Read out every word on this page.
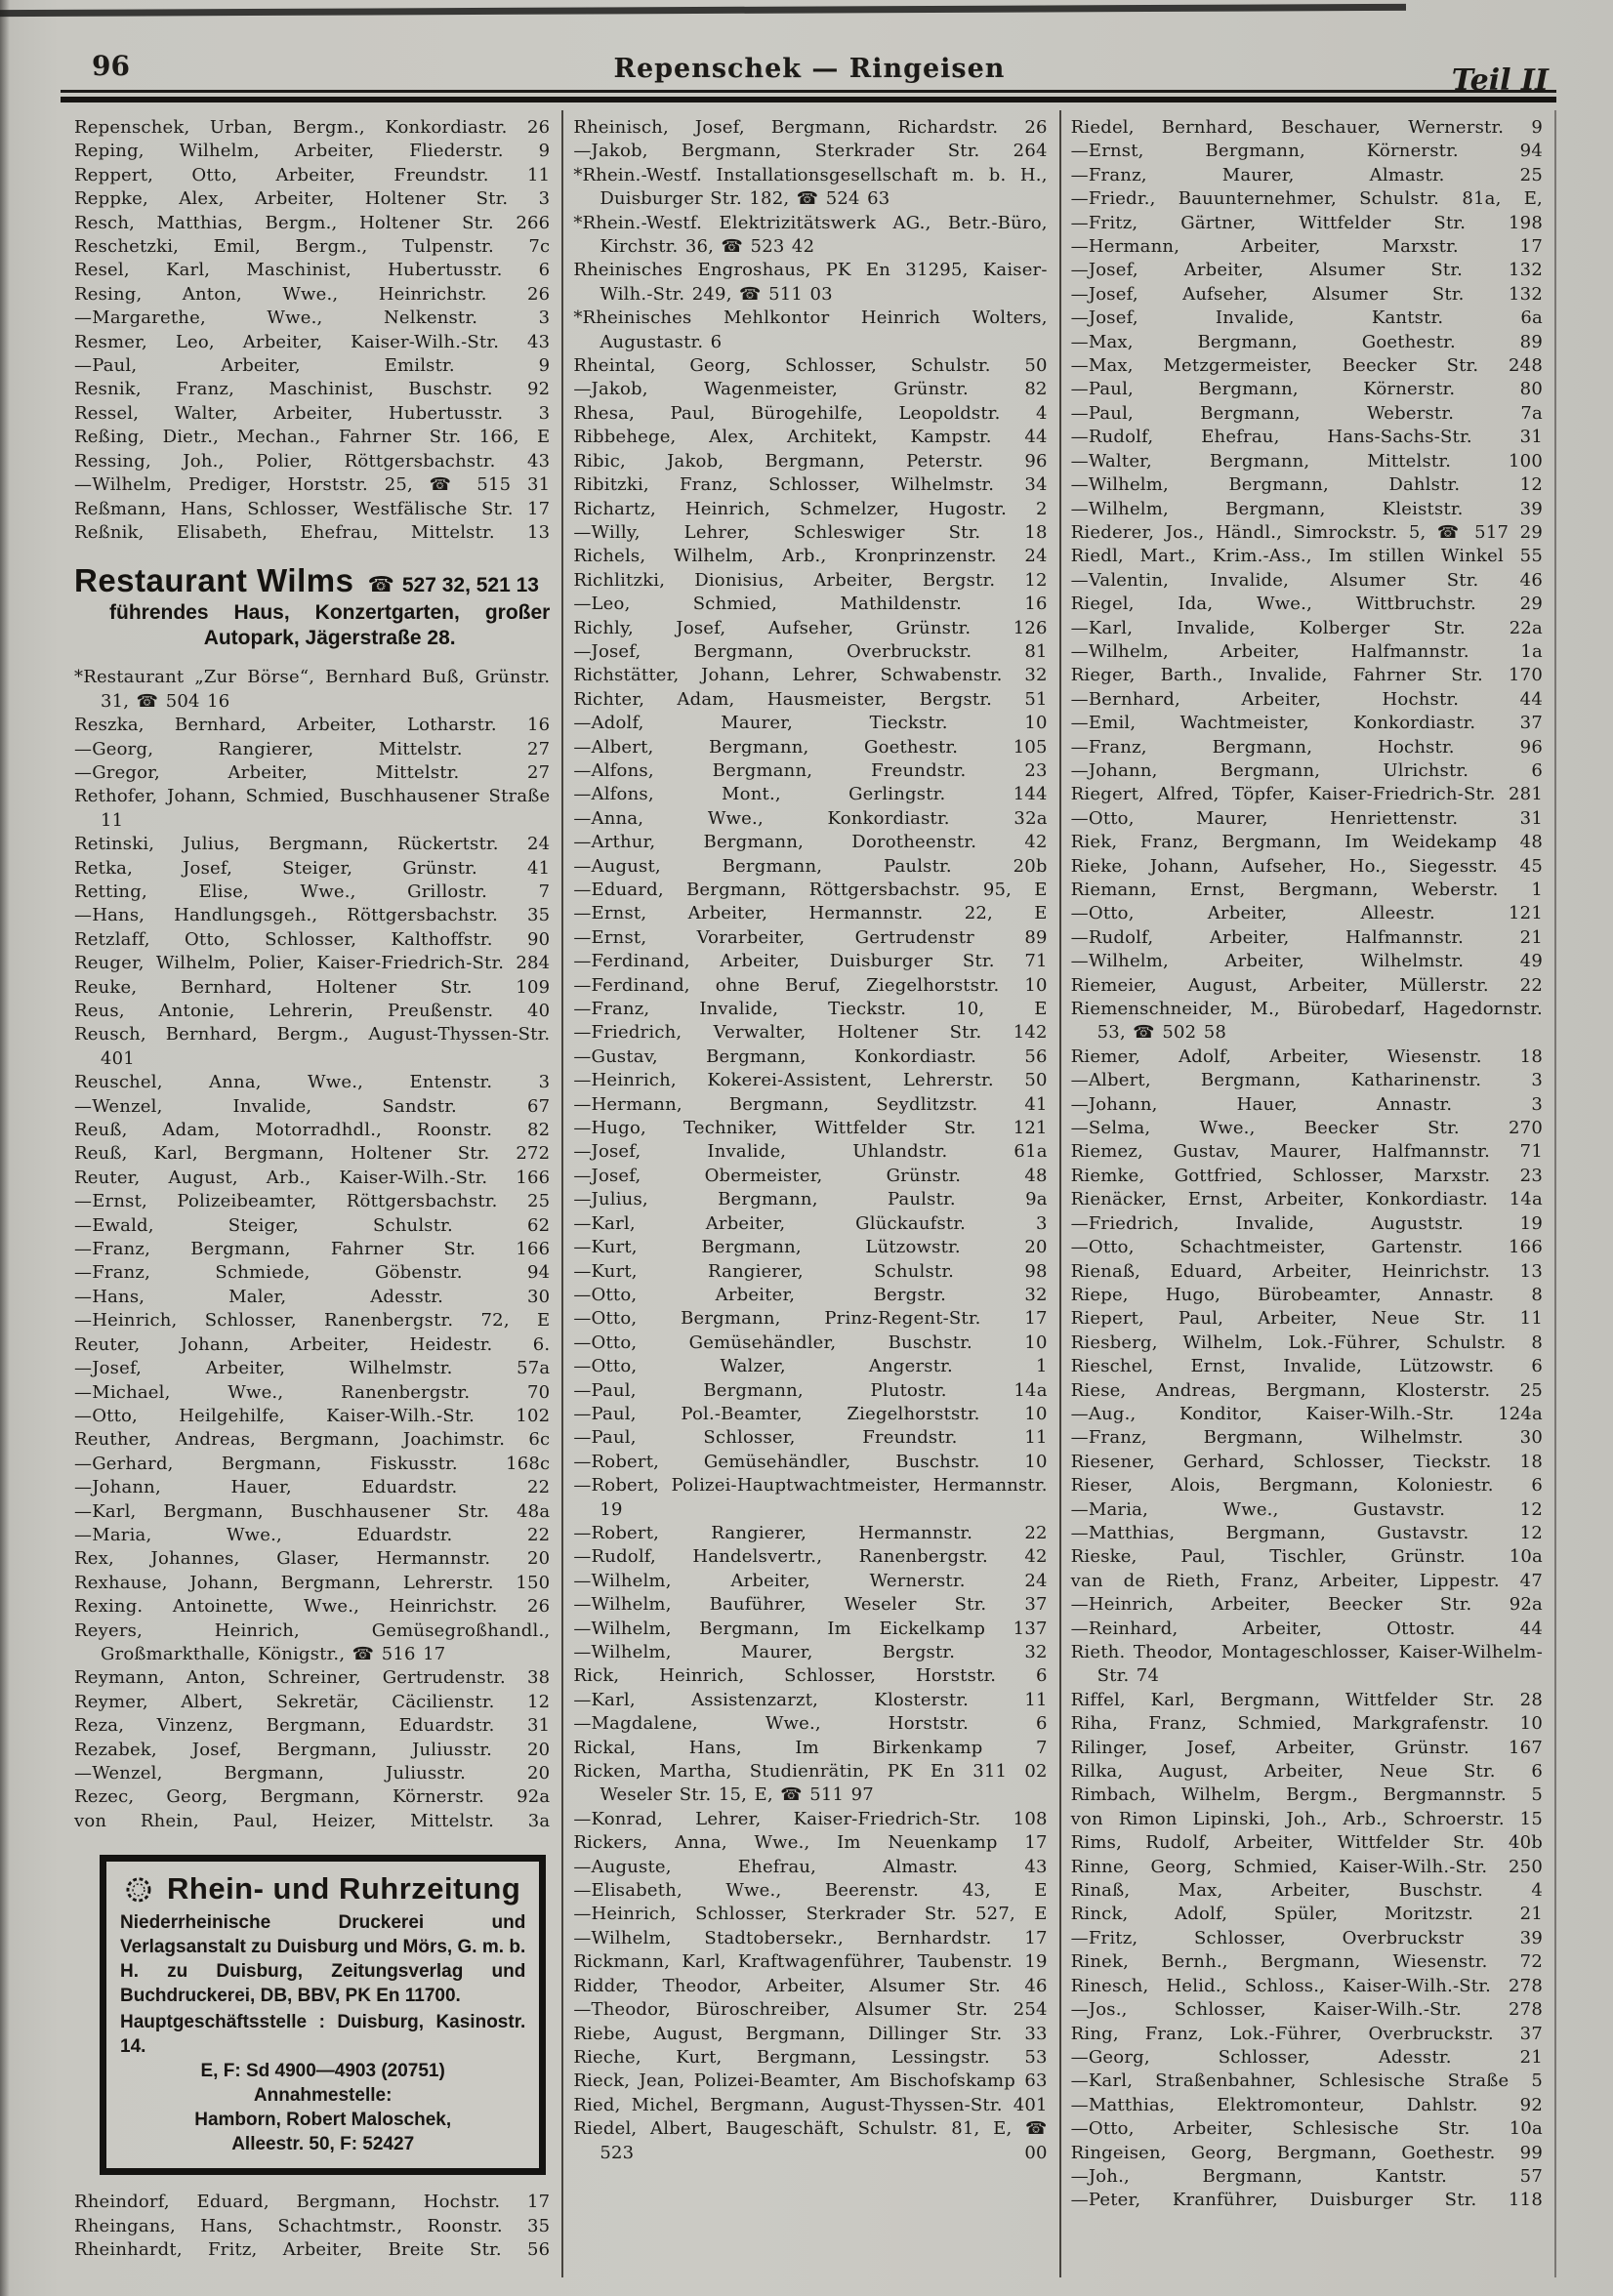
96	Repenschek — Ringeisen	Teil II

Repenschek, Urban, Bergm., Konkordiastr. 26

Reping, Wilhelm, Arbeiter, Fliederstr. 9

Reppert, Otto, Arbeiter, Freundstr. 11

Reppke, Alex, Arbeiter, Holtener Str. 3

Resch, Matthias, Bergm., Holtener Str. 266

Reschetzki, Emil, Bergm., Tulpenstr. 7c

Resel, Karl, Maschinist, Hubertusstr. 6

Resing, Anton, Wwe., Heinrichstr. 26

—Margarethe, Wwe., Nelkenstr. 3

Resmer, Leo, Arbeiter, Kaiser-Wilh.-Str. 43

—Paul, Arbeiter, Emilstr. 9

Resnik, Franz, Maschinist, Buschstr. 92

Ressel, Walter, Arbeiter, Hubertusstr. 3

Reßing, Dietr., Mechan., Fahrner Str. 166, E

Ressing, Joh., Polier, Röttgersbachstr. 43

—Wilhelm, Prediger, Horststr. 25, ☎ 515 31

Reßmann, Hans, Schlosser, Westfälische Str. 17

Reßnik, Elisabeth, Ehefrau, Mittelstr. 13

Restaurant Wilms ☎ 527 32, 521 13
führendes Haus, Konzertgarten, großer
Autopark, Jägerstraße 28.

*Restaurant „Zur Börse“, Bernhard Buß, Grünstr. 31, ☎ 504 16

Reszka, Bernhard, Arbeiter, Lotharstr. 16

—Georg, Rangierer, Mittelstr. 27

—Gregor, Arbeiter, Mittelstr. 27

Rethofer, Johann, Schmied, Buschhausener Straße 11

Retinski, Julius, Bergmann, Rückertstr. 24

Retka, Josef, Steiger, Grünstr. 41

Retting, Elise, Wwe., Grillostr. 7

—Hans, Handlungsgeh., Röttgersbachstr. 35

Retzlaff, Otto, Schlosser, Kalthoffstr. 90

Reuger, Wilhelm, Polier, Kaiser-Friedrich-Str. 284

Reuke, Bernhard, Holtener Str. 109

Reus, Antonie, Lehrerin, Preußenstr. 40

Reusch, Bernhard, Bergm., August-Thyssen-Str. 401

Reuschel, Anna, Wwe., Entenstr. 3

—Wenzel, Invalide, Sandstr. 67

Reuß, Adam, Motorradhdl., Roonstr. 82

Reuß, Karl, Bergmann, Holtener Str. 272

Reuter, August, Arb., Kaiser-Wilh.-Str. 166

—Ernst, Polizeibeamter, Röttgersbachstr. 25

—Ewald, Steiger, Schulstr. 62

—Franz, Bergmann, Fahrner Str. 166

—Franz, Schmiede, Göbenstr. 94

—Hans, Maler, Adesstr. 30

—Heinrich, Schlosser, Ranenbergstr. 72, E

Reuter, Johann, Arbeiter, Heidestr. 6.

—Josef, Arbeiter, Wilhelmstr. 57a

—Michael, Wwe., Ranenbergstr. 70

—Otto, Heilgehilfe, Kaiser-Wilh.-Str. 102

Reuther, Andreas, Bergmann, Joachimstr. 6c

—Gerhard, Bergmann, Fiskusstr. 168c

—Johann, Hauer, Eduardstr. 22

—Karl, Bergmann, Buschhausener Str. 48a

—Maria, Wwe., Eduardstr. 22

Rex, Johannes, Glaser, Hermannstr. 20

Rexhause, Johann, Bergmann, Lehrerstr. 150

Rexing. Antoinette, Wwe., Heinrichstr. 26

Reyers, Heinrich, Gemüsegroßhandl., Großmarkthalle, Königstr., ☎ 516 17

Reymann, Anton, Schreiner, Gertrudenstr. 38

Reymer, Albert, Sekretär, Cäcilienstr. 12

Reza, Vinzenz, Bergmann, Eduardstr. 31

Rezabek, Josef, Bergmann, Juliusstr. 20

—Wenzel, Bergmann, Juliusstr. 20

Rezec, Georg, Bergmann, Körnerstr. 92a

von Rhein, Paul, Heizer, Mittelstr. 3a

Rhein- und Ruhrzeitung

Niederrheinische Druckerei und Verlagsanstalt zu Duisburg und Mörs, G. m. b. H. zu Duisburg, Zeitungsverlag und Buchdruckerei, DB, BBV, PK En 11700.

Hauptgeschäftsstelle : Duisburg, Kasinostr. 14.

E, F: Sd 4900—4903 (20751)

Annahmestelle:

Hamborn, Robert Maloschek,

Alleestr. 50, F: 52427

Rheindorf, Eduard, Bergmann, Hochstr. 17

Rheingans, Hans, Schachtmstr., Roonstr. 35

Rheinhardt, Fritz, Arbeiter, Breite Str. 56

Rheinisch, Josef, Bergmann, Richardstr. 26

—Jakob, Bergmann, Sterkrader Str. 264

*Rhein.-Westf. Installationsgesellschaft m. b. H., Duisburger Str. 182, ☎ 524 63

*Rhein.-Westf. Elektrizitätswerk AG., Betr.-Büro, Kirchstr. 36, ☎ 523 42

Rheinisches Engroshaus, PK En 31295, Kaiser-Wilh.-Str. 249, ☎ 511 03

*Rheinisches Mehlkontor Heinrich Wolters, Augustastr. 6

Rheintal, Georg, Schlosser, Schulstr. 50

—Jakob, Wagenmeister, Grünstr. 82

Rhesa, Paul, Bürogehilfe, Leopoldstr. 4

Ribbehege, Alex, Architekt, Kampstr. 44

Ribic, Jakob, Bergmann, Peterstr. 96

Ribitzki, Franz, Schlosser, Wilhelmstr. 34

Richartz, Heinrich, Schmelzer, Hugostr. 2

—Willy, Lehrer, Schleswiger Str. 18

Richels, Wilhelm, Arb., Kronprinzenstr. 24

Richlitzki, Dionisius, Arbeiter, Bergstr. 12

—Leo, Schmied, Mathildenstr. 16

Richly, Josef, Aufseher, Grünstr. 126

—Josef, Bergmann, Overbruckstr. 81

Richstätter, Johann, Lehrer, Schwabenstr. 32

Richter, Adam, Hausmeister, Bergstr. 51

—Adolf, Maurer, Tieckstr. 10

—Albert, Bergmann, Goethestr. 105

—Alfons, Bergmann, Freundstr. 23

—Alfons, Mont., Gerlingstr. 144

—Anna, Wwe., Konkordiastr. 32a

—Arthur, Bergmann, Dorotheenstr. 42

—August, Bergmann, Paulstr. 20b

—Eduard, Bergmann, Röttgersbachstr. 95, E

—Ernst, Arbeiter, Hermannstr. 22, E

—Ernst, Vorarbeiter, Gertrudenstr 89

—Ferdinand, Arbeiter, Duisburger Str. 71

—Ferdinand, ohne Beruf, Ziegelhorststr. 10

—Franz, Invalide, Tieckstr. 10, E

—Friedrich, Verwalter, Holtener Str. 142

—Gustav, Bergmann, Konkordiastr. 56

—Heinrich, Kokerei-Assistent, Lehrerstr. 50

—Hermann, Bergmann, Seydlitzstr. 41

—Hugo, Techniker, Wittfelder Str. 121

—Josef, Invalide, Uhlandstr. 61a

—Josef, Obermeister, Grünstr. 48

—Julius, Bergmann, Paulstr. 9a

—Karl, Arbeiter, Glückaufstr. 3

—Kurt, Bergmann, Lützowstr. 20

—Kurt, Rangierer, Schulstr. 98

—Otto, Arbeiter, Bergstr. 32

—Otto, Bergmann, Prinz-Regent-Str. 17

—Otto, Gemüsehändler, Buschstr. 10

—Otto, Walzer, Angerstr. 1

—Paul, Bergmann, Plutostr. 14a

—Paul, Pol.-Beamter, Ziegelhorststr. 10

—Paul, Schlosser, Freundstr. 11

—Robert, Gemüsehändler, Buschstr. 10

—Robert, Polizei-Hauptwachtmeister, Hermannstr. 19

—Robert, Rangierer, Hermannstr. 22

—Rudolf, Handelsvertr., Ranenbergstr. 42

—Wilhelm, Arbeiter, Wernerstr. 24

—Wilhelm, Bauführer, Weseler Str. 37

—Wilhelm, Bergmann, Im Eickelkamp 137

—Wilhelm, Maurer, Bergstr. 32

Rick, Heinrich, Schlosser, Horststr. 6

—Karl, Assistenzarzt, Klosterstr. 11

—Magdalene, Wwe., Horststr. 6

Rickal, Hans, Im Birkenkamp 7

Ricken, Martha, Studienrätin, PK En 311 02 Weseler Str. 15, E, ☎ 511 97

—Konrad, Lehrer, Kaiser-Friedrich-Str. 108

Rickers, Anna, Wwe., Im Neuenkamp 17

—Auguste, Ehefrau, Almastr. 43

—Elisabeth, Wwe., Beerenstr. 43, E

—Heinrich, Schlosser, Sterkrader Str. 527, E

—Wilhelm, Stadtobersekr., Bernhardstr. 17

Rickmann, Karl, Kraftwagenführer, Taubenstr. 19

Ridder, Theodor, Arbeiter, Alsumer Str. 46

—Theodor, Büroschreiber, Alsumer Str. 254

Riebe, August, Bergmann, Dillinger Str. 33

Rieche, Kurt, Bergmann, Lessingstr. 53

Rieck, Jean, Polizei-Beamter, Am Bischofskamp 63

Ried, Michel, Bergmann, August-Thyssen-Str. 401

Riedel, Albert, Baugeschäft, Schulstr. 81, E, ☎ 523 00

Riedel, Bernhard, Beschauer, Wernerstr. 9

—Ernst, Bergmann, Körnerstr. 94

—Franz, Maurer, Almastr. 25

—Friedr., Bauunternehmer, Schulstr. 81a, E,

—Fritz, Gärtner, Wittfelder Str. 198

—Hermann, Arbeiter, Marxstr. 17

—Josef, Arbeiter, Alsumer Str. 132

—Josef, Aufseher, Alsumer Str. 132

—Josef, Invalide, Kantstr. 6a

—Max, Bergmann, Goethestr. 89

—Max, Metzgermeister, Beecker Str. 248

—Paul, Bergmann, Körnerstr. 80

—Paul, Bergmann, Weberstr. 7a

—Rudolf, Ehefrau, Hans-Sachs-Str. 31

—Walter, Bergmann, Mittelstr. 100

—Wilhelm, Bergmann, Dahlstr. 12

—Wilhelm, Bergmann, Kleiststr. 39

Riederer, Jos., Händl., Simrockstr. 5, ☎ 517 29

Riedl, Mart., Krim.-Ass., Im stillen Winkel 55

—Valentin, Invalide, Alsumer Str. 46

Riegel, Ida, Wwe., Wittbruchstr. 29

—Karl, Invalide, Kolberger Str. 22a

—Wilhelm, Arbeiter, Halfmannstr. 1a

Rieger, Barth., Invalide, Fahrner Str. 170

—Bernhard, Arbeiter, Hochstr. 44

—Emil, Wachtmeister, Konkordiastr. 37

—Franz, Bergmann, Hochstr. 96

—Johann, Bergmann, Ulrichstr. 6

Riegert, Alfred, Töpfer, Kaiser-Friedrich-Str. 281

—Otto, Maurer, Henriettenstr. 31

Riek, Franz, Bergmann, Im Weidekamp 48

Rieke, Johann, Aufseher, Ho., Siegesstr. 45

Riemann, Ernst, Bergmann, Weberstr. 1

—Otto, Arbeiter, Alleestr. 121

—Rudolf, Arbeiter, Halfmannstr. 21

—Wilhelm, Arbeiter, Wilhelmstr. 49

Riemeier, August, Arbeiter, Müllerstr. 22

Riemenschneider, M., Bürobedarf, Hagedornstr. 53, ☎ 502 58

Riemer, Adolf, Arbeiter, Wiesenstr. 18

—Albert, Bergmann, Katharinenstr. 3

—Johann, Hauer, Annastr. 3

—Selma, Wwe., Beecker Str. 270

Riemez, Gustav, Maurer, Halfmannstr. 71

Riemke, Gottfried, Schlosser, Marxstr. 23

Rienäcker, Ernst, Arbeiter, Konkordiastr. 14a

—Friedrich, Invalide, Auguststr. 19

—Otto, Schachtmeister, Gartenstr. 166

Rienaß, Eduard, Arbeiter, Heinrichstr. 13

Riepe, Hugo, Bürobeamter, Annastr. 8

Riepert, Paul, Arbeiter, Neue Str. 11

Riesberg, Wilhelm, Lok.-Führer, Schulstr. 8

Rieschel, Ernst, Invalide, Lützowstr. 6

Riese, Andreas, Bergmann, Klosterstr. 25

—Aug., Konditor, Kaiser-Wilh.-Str. 124a

—Franz, Bergmann, Wilhelmstr. 30

Riesener, Gerhard, Schlosser, Tieckstr. 18

Rieser, Alois, Bergmann, Koloniestr. 6

—Maria, Wwe., Gustavstr. 12

—Matthias, Bergmann, Gustavstr. 12

Rieske, Paul, Tischler, Grünstr. 10a

van de Rieth, Franz, Arbeiter, Lippestr. 47

—Heinrich, Arbeiter, Beecker Str. 92a

—Reinhard, Arbeiter, Ottostr. 44

Rieth. Theodor, Montageschlosser, Kaiser-Wilhelm-Str. 74

Riffel, Karl, Bergmann, Wittfelder Str. 28

Riha, Franz, Schmied, Markgrafenstr. 10

Rilinger, Josef, Arbeiter, Grünstr. 167

Rilka, August, Arbeiter, Neue Str. 6

Rimbach, Wilhelm, Bergm., Bergmannstr. 5

von Rimon Lipinski, Joh., Arb., Schroerstr. 15

Rims, Rudolf, Arbeiter, Wittfelder Str. 40b

Rinne, Georg, Schmied, Kaiser-Wilh.-Str. 250

Rinaß, Max, Arbeiter, Buschstr. 4

Rinck, Adolf, Spüler, Moritzstr. 21

—Fritz, Schlosser, Overbruckstr 39

Rinek, Bernh., Bergmann, Wiesenstr. 72

Rinesch, Helid., Schloss., Kaiser-Wilh.-Str. 278

—Jos., Schlosser, Kaiser-Wilh.-Str. 278

Ring, Franz, Lok.-Führer, Overbruckstr. 37

—Georg, Schlosser, Adesstr. 21

—Karl, Straßenbahner, Schlesische Straße 5

—Matthias, Elektromonteur, Dahlstr. 92

—Otto, Arbeiter, Schlesische Str. 10a

Ringeisen, Georg, Bergmann, Goethestr. 99

—Joh., Bergmann, Kantstr. 57

—Peter, Kranführer, Duisburger Str. 118
